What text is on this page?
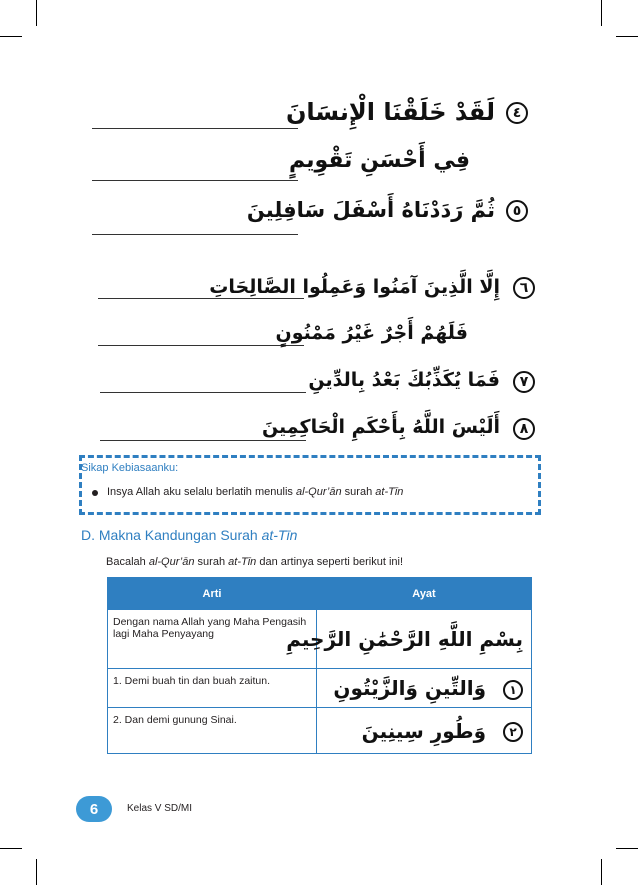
٤
لَقَدْ خَلَقْنَا الْإِنسَانَ
فِي أَحْسَنِ تَقْوِيمٍ
٥
ثُمَّ رَدَدْنَاهُ أَسْفَلَ سَافِلِينَ
٦
إِلَّا الَّذِينَ آمَنُوا وَعَمِلُوا الصَّالِحَاتِ
فَلَهُمْ أَجْرٌ غَيْرُ مَمْنُونٍ
٧
فَمَا يُكَذِّبُكَ بَعْدُ بِالدِّينِ
٨
أَلَيْسَ اللَّهُ بِأَحْكَمِ الْحَاكِمِينَ
Sikap Kebiasaanku:
Insya Allah aku selalu berlatih menulis al-Qur’ān surah at-Tīn
D. Makna Kandungan Surah at-Tīn
Bacalah al-Qur’ān surah at-Tīn dan artinya seperti berikut ini!
Arti	Ayat
Dengan nama Allah yang Maha Pengasih lagi Maha Penyayang	بِسْمِ اللَّهِ الرَّحْمَٰنِ الرَّحِيمِ

1. Demi buah tin dan buah zaitun.	١ وَالتِّينِ وَالزَّيْتُونِ

2. Dan demi gunung Sinai.	٢ وَطُورِ سِينِينَ
6	Kelas V SD/MI
